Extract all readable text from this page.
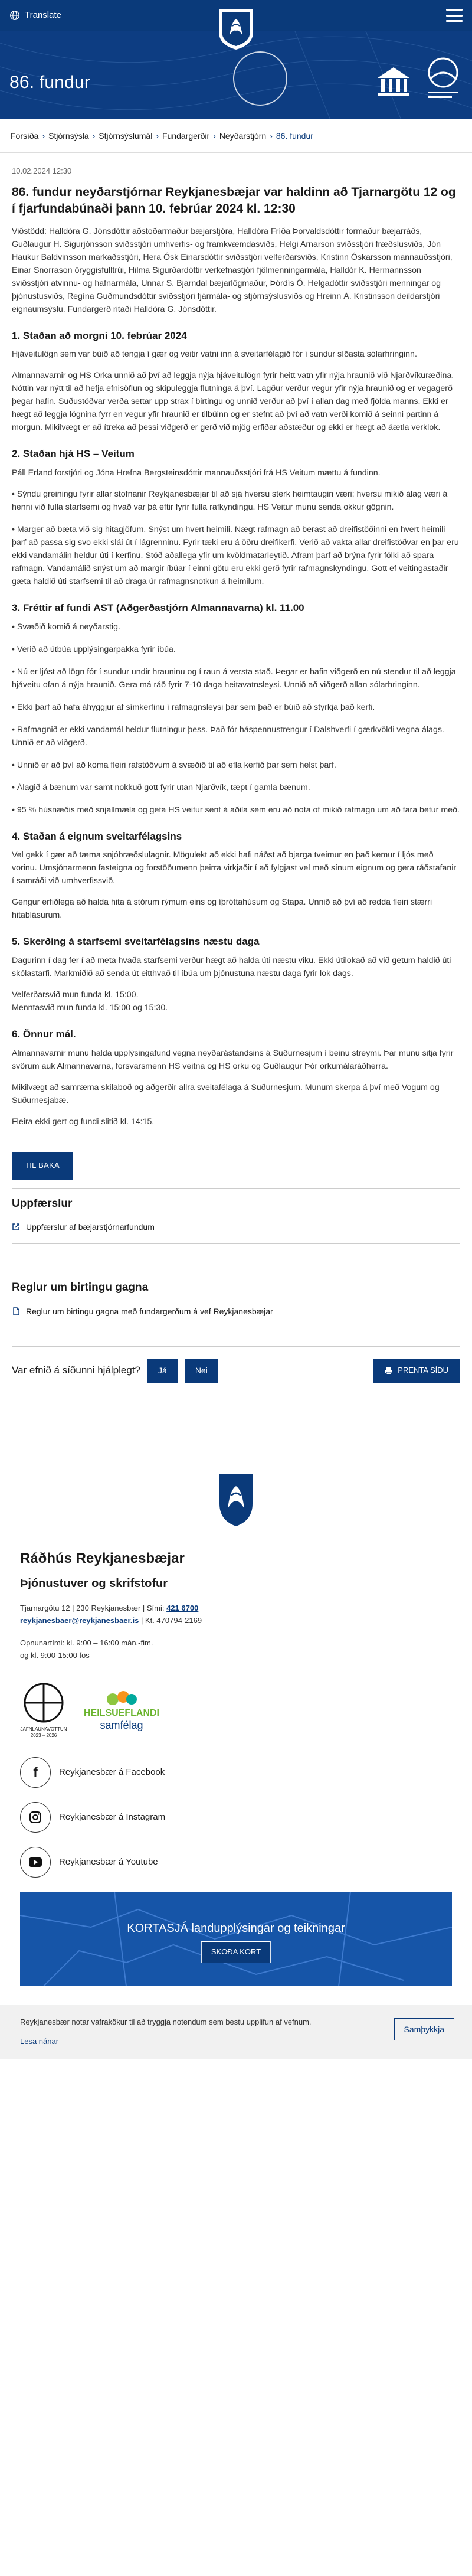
Translate
86. fundur
Forsíða › Stjórnsýsla › Stjórnsýslumál › Fundargerðir › Neyðarstjórn › 86. fundur
10.02.2024 12:30
86. fundur neyðarstjórnar Reykjanesbæjar var haldinn að Tjarnargötu 12 og í fjarfundabúnaði þann 10. febrúar 2024 kl. 12:30

Viðstödd: Halldóra G. Jónsdóttir aðstoðarmaður bæjarstjóra, Halldóra Fríða Þorvaldsdóttir formaður bæjarráðs, Guðlaugur H. Sigurjónsson sviðsstjóri umhverfis- og framkvæmdasviðs, Helgi Arnarson sviðsstjóri fræðslusviðs, Jón Haukur Baldvinsson markaðsstjóri, Hera Ósk Einarsdóttir sviðsstjóri velferðarsviðs, Kristinn Óskarsson mannauðsstjóri, Einar Snorrason öryggisfulltrúi, Hilma Sigurðardóttir verkefnastjóri fjölmenningarmála, Halldór K. Hermannsson sviðsstjóri atvinnu- og hafnarmála, Unnar S. Bjarndal bæjarlögmaður, Þórdís Ó. Helgadóttir sviðsstjóri menningar og þjónustusviðs, Regína Guðmundsdóttir sviðsstjóri fjármála- og stjórnsýslusviðs og Hreinn Á. Kristinsson deildarstjóri eignaumsýslu. Fundargerð ritaði Halldóra G. Jónsdóttir.

1. Staðan að morgni 10. febrúar 2024

Hjáveitulögn sem var búið að tengja í gær og veitir vatni inn á sveitarfélagið fór í sundur síðasta sólarhringinn.

Almannavarnir og HS Orka unnið að því að leggja nýja hjáveitulögn fyrir heitt vatn yfir nýja hraunið við Njarðvíkuræðina. Nóttin var nýtt til að hefja efnisöflun og skipuleggja flutninga á því. Lagður verður vegur yfir nýja hraunið og er vegagerð þegar hafin. Suðustöðvar verða settar upp strax í birtingu og unnið verður að því í allan dag með fjölda manns. Ekki er hægt að leggja lögnina fyrr en vegur yfir hraunið er tilbúinn og er stefnt að því að vatn verði komið á seinni partinn á morgun. Mikilvægt er að ítreka að þessi viðgerð er gerð við mjög erfiðar aðstæður og ekki er hægt að áætla verklok.

2. Staðan hjá HS – Veitum

Páll Erland forstjóri og Jóna Hrefna Bergsteinsdóttir mannauðsstjóri frá HS Veitum mættu á fundinn.

• Sýndu greiningu fyrir allar stofnanir Reykjanesbæjar til að sjá hversu sterk heimtaugin væri; hversu mikið álag væri á henni við fulla starfsemi og hvað var þá eftir fyrir fulla rafkyndingu. HS Veitur munu senda okkur gögnin.
• Marger að bæta við sig hitagjöfum. Snýst um hvert heimili. Nægt rafmagn að berast að dreifistöðinni en hvert heimili þarf að passa sig svo ekki slái út í lágrenninu. Fyrir tæki eru á öðru dreifikerfi. Verið að vakta allar dreifistöðvar en þar eru ekki vandamálin heldur úti í kerfinu. Stóð aðallega yfir um kvöldmatarleytið. Áfram þarf að brýna fyrir fólki að spara rafmagn. Vandamálið snýst um að margir íbúar í einni götu eru ekki gerð fyrir rafmagnskyndingu. Gott ef veitingastaðir gæta haldið úti starfsemi til að draga úr rafmagnsnotkun á heimilum.
3. Fréttir af fundi AST (Aðgerðastjórn Almannavarna) kl. 11.00
• Svæðið komið á neyðarstig.
• Verið að útbúa upplýsingarpakka fyrir íbúa.
• Nú er ljóst að lögn fór í sundur undir hrauninu og í raun á versta stað. Þegar er hafin viðgerð en nú stendur til að leggja hjáveitu ofan á nýja hraunið. Gera má ráð fyrir 7-10 daga heitavatnsleysi. Unnið að viðgerð allan sólarhringinn.
• Ekki þarf að hafa áhyggjur af símkerfinu í rafmagnsleysi þar sem það er búið að styrkja það kerfi.
• Rafmagnið er ekki vandamál heldur flutningur þess. Það fór háspennustrengur í Dalshverfi í gærkvöldi vegna álags. Unnið er að viðgerð.
• Unnið er að því að koma fleiri rafstöðvum á svæðið til að efla kerfið þar sem helst þarf.
• Álagið á bænum var samt nokkuð gott fyrir utan Njarðvík, tæpt í gamla bænum.
• 95 % húsnæðis með snjallmæla og geta HS veitur sent á aðila sem eru að nota of mikið rafmagn um að fara betur með.
4. Staðan á eignum sveitarfélagsins

Vel gekk í gær að tæma snjóbræðslulagnir. Mögulekt að ekki hafi náðst að bjarga tveimur en það kemur í ljós með vorinu. Umsjónarmenn fasteigna og forstöðumenn þeirra virkjaðir í að fylgjast vel með sínum eignum og gera ráðstafanir í samráði við umhverfissvið.

Gengur erfiðlega að halda hita á stórum rýmum eins og íþróttahúsum og Stapa. Unnið að því að redda fleiri stærri hitablásurum.

5. Skerðing á starfsemi sveitarfélagsins næstu daga

Dagurinn í dag fer í að meta hvaða starfsemi verður hægt að halda úti næstu viku. Ekki útilokað að við getum haldið úti skólastarfi. Markmiðið að senda út eitthvað til íbúa um þjónustuna næstu daga fyrir lok dags.

Velferðarsvið mun funda kl. 15:00.
Menntasvið mun funda kl. 15:00 og 15:30.

6. Önnur mál.

Almannavarnir munu halda upplýsingafund vegna neyðarástandsins á Suðurnesjum í beinu streymi. Þar munu sitja fyrir svörum auk Almannavarna, forsvarsmenn HS veitna og HS orku og Guðlaugur Þór orkumálaráðherra.

Mikilvægt að samræma skilaboð og aðgerðir allra sveitafélaga á Suðurnesjum. Munum skerpa á því með Vogum og Suðurnesjabæ.

Fleira ekki gert og fundi slitið kl. 14:15.

TIL BAKA
Uppfærslur
Uppfærslur af bæjarstjórnarfundum
Reglur um birtingu gagna
Reglur um birtingu gagna með fundargerðum á vef Reykjanesbæjar
Var efnið á síðunni hjálplegt?	Já	Nei	PRENTA SÍÐU
Ráðhús Reykjanesbæjar
Þjónustuver og skrifstofur
Tjarnargötu 12 | 230 Reykjanesbær | Sími: 421 6700
reykjanesbaer@reykjanesbaer.is | Kt. 470794-2169
Opnunartími: kl. 9:00 – 16:00 mán.-fim.
og kl. 9:00-15:00 fös
JAFNLAUNAVOTTUN 2023 – 2026
HEILSUEFLANDI
samfélag
f Reykjanesbær á Facebook
Reykjanesbær á Instagram
Reykjanesbær á Youtube
KORTASJÁ landupplýsingar og teikningar
SKOÐA KORT
Reykjanesbær notar vafrakökur til að tryggja notendum sem bestu upplifun af vefnum.
Lesa nánar
Samþykkja
